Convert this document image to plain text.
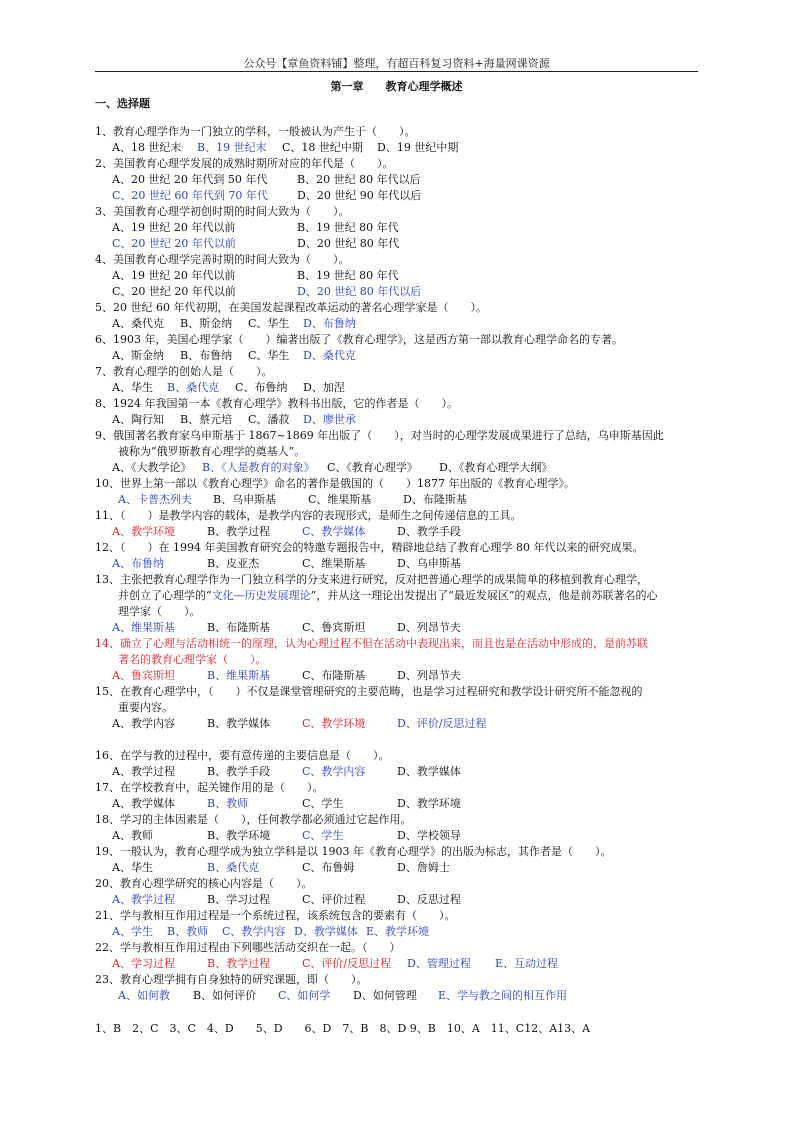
公众号【章鱼资料铺】整理，有超百科复习资料+海量网课资源
第一章　　教育心理学概述
一、选择题
1、教育心理学作为一门独立的学科，一般被认为产生于（　　）。
A、18 世纪末 B、19 世纪末 C、18 世纪中期 D、19 世纪中期
2、美国教育心理学发展的成熟时期所对应的年代是（　　）。
A、20 世纪 20 年代到 50 年代	B、20 世纪 80 年代以后
C、20 世纪 60 年代到 70 年代	D、20 世纪 90 年代以后
3、美国教育心理学初创时期的时间大致为（　　）。
A、19 世纪 20 年代以前	B、19 世纪 80 年代
C、20 世纪 20 年代以前	D、20 世纪 80 年代
4、美国教育心理学完善时期的时间大致为（　　）。
A、19 世纪 20 年代以前	B、19 世纪 80 年代
C、20 世纪 20 年代以前	D、20 世纪 80 年代以后
5、20 世纪 60 年代初期，在美国发起课程改革运动的著名心理学家是（　　）。
A、桑代克 B、斯金纳 C、华生 D、布鲁纳
6、1903 年，美国心理学家（　　）编著出版了《教育心理学》，这是西方第一部以教育心理学命名的专著。
A、斯金纳 B、布鲁纳 C、华生 D、桑代克
7、教育心理学的创始人是（　　）。
A、华生 B、桑代克 C、布鲁纳 D、加涅
8、1924 年我国第一本《教育心理学》教科书出版，它的作者是（　　）。
A、陶行知 B、蔡元培 C、潘菽 D、廖世承
9、俄国著名教育家乌申斯基于 1867~1869 年出版了（　　），对当时的心理学发展成果进行了总结，乌申斯基因此
被称为“俄罗斯教育心理学的奠基人”。
A、《大教学论》 B、《人是教育的对象》 C、《教育心理学》 D、《教育心理学大纲》
10、世界上第一部以《教育心理学》命名的著作是俄国的（　　）1877 年出版的《教育心理学》。
A、卡普杰列夫 B、乌申斯基	C、维果斯基	D、布隆斯基
11、（　　）是教学内容的载体，是教学内容的表现形式，是师生之间传递信息的工具。
A、教学环境	B、教学过程	C、教学媒体	D、教学手段
12、（　　）在 1994 年美国教育研究会的特邀专题报告中，精辟地总结了教育心理学 80 年代以来的研究成果。
A、布鲁纳	B、皮亚杰	C、维果斯基	D、乌申斯基
13、主张把教育心理学作为一门独立科学的分支来进行研究，反对把普通心理学的成果简单的移植到教育心理学，
并创立了心理学的“文化—历史发展理论”，并从这一理论出发提出了“最近发展区”的观点，他是前苏联著名的心
理学家（　　）。
A、维果斯基	B、布隆斯基	C、鲁宾斯坦	D、列昂节夫
14、确立了心理与活动相统一的原理，认为心理过程不但在活动中表现出来，而且也是在活动中形成的，是前苏联
著名的教育心理学家（　　）。
A、鲁宾斯坦	B、维果斯基	C、布隆斯基	D、列昂节夫
15、在教育心理学中，（　　）不仅是课堂管理研究的主要范畴，也是学习过程研究和教学设计研究所不能忽视的
重要内容。
A、教学内容	B、教学媒体	C、教学环境	D、评价/反思过程
16、在学与教的过程中，要有意传递的主要信息是（　　）。
A、教学过程	B、教学手段	C、教学内容	D、教学媒体
17、在学校教育中，起关键作用的是（　　）。
A、教学媒体	B、教师	C、学生	D、教学环境
18、学习的主体因素是（　　），任何教学都必须通过它起作用。
A、教师	B、教学环境	C、学生	D、学校领导
19、一般认为，教育心理学成为独立学科是以 1903 年《教育心理学》的出版为标志，其作者是（　　）。
A、华生	B、桑代克	C、布鲁姆	D、詹姆士
20、教育心理学研究的核心内容是（　　）。
A、教学过程	B、学习过程	C、评价过程	D、反思过程
21、学与教相互作用过程是一个系统过程，该系统包含的要素有（　　）。
A、学生 B、教师 C、教学内容 D、教学媒体 E、教学环境
22、学与教相互作用过程由下列哪些活动交织在一起。（　　）
A、学习过程	B、教学过程	C、评价/反思过程 D、管理过程 E、互动过程
23、教育心理学拥有自身独特的研究课题，即（　　）。
A、如何教 B、如何评价 C、如何学 D、如何管理 E、学与教之间的相互作用
1、B　2、C　3、C　4、D　　5、D　　6、D　7、B　8、D 9、B　10、A　11、C12、A13、A
